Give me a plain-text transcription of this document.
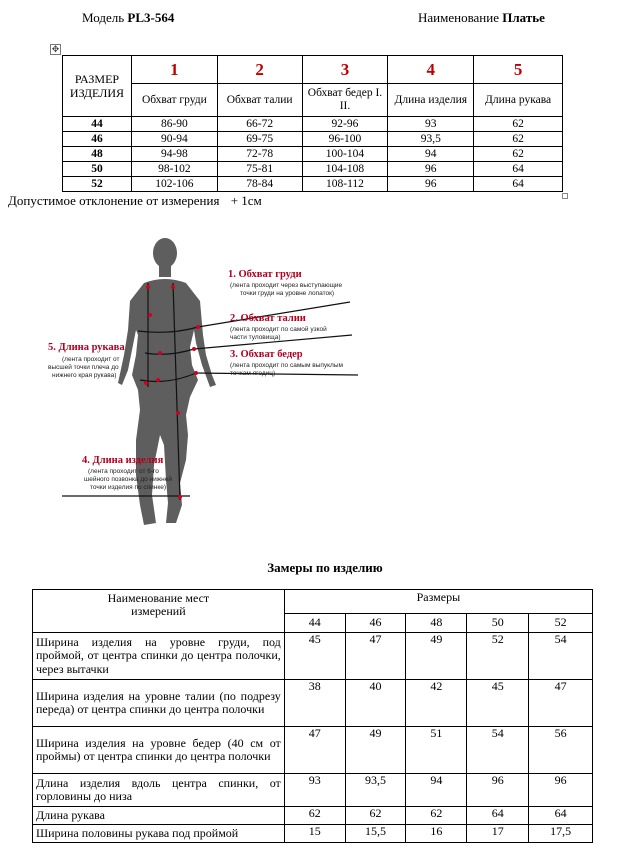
Модель PL3-564	Наименование Платье
✥
РАЗМЕР ИЗДЕЛИЯ	1	2	3	4	5
	Обхват груди	Обхват талии	Обхват бедер I. II.	Длина изделия	Длина рукава
44	86-90	66-72	92-96	93	62
46	90-94	69-75	96-100	93,5	62
48	94-98	72-78	100-104	94	62
50	98-102	75-81	104-108	96	64
52	102-106	78-84	108-112	96	64
Допустимое отклонение от измерения + 1см
1. Обхват груди
(лента проходит через выступающие
точки груди на уровне лопаток)
2. Обхват талии
(лента проходит по самой узкой
части туловища)
3. Обхват бедер
(лента проходит по самым выпуклым
точкам ягодиц)
5. Длина рукава
(лента проходит от
высшей точки плеча до
нижнего края рукава)
4. Длина изделия
(лента проходит от 6-го
шейного позвонка до нижней
точки изделия по спинке)
Замеры по изделию
Наименование мест измерений	Размеры				
	44	46	48	50	52
Ширина изделия на уровне груди, под проймой, от центра спинки до центра полочки, через вытачки	45	47	49	52	54
Ширина изделия на уровне талии (по подрезу переда) от центра спинки до центра полочки	38	40	42	45	47
Ширина изделия на уровне бедер (40 см от проймы) от центра спинки до центра полочки	47	49	51	54	56
Длина изделия вдоль центра спинки, от горловины до низа	93	93,5	94	96	96
Длина рукава	62	62	62	64	64
Ширина половины рукава под проймой	15	15,5	16	17	17,5
